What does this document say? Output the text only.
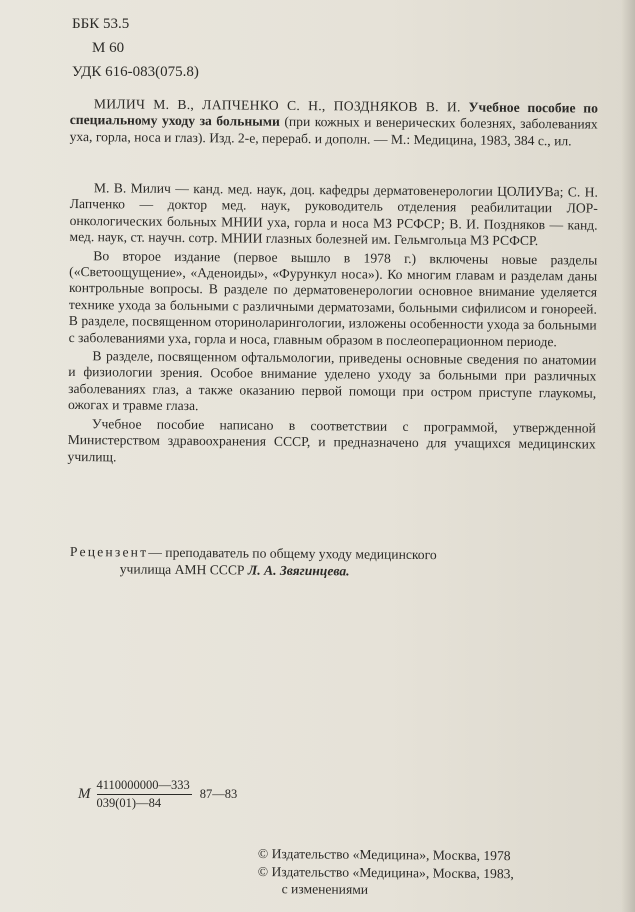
ББК 53.5
М 60
УДК 616-083(075.8)

МИЛИЧ М. В., ЛАПЧЕНКО С. Н., ПОЗДНЯКОВ В. И. Учебное пособие по специальному уходу за больными (при кожных и венерических болезнях, заболеваниях уха, горла, носа и глаз). Изд. 2-е, перераб. и дополн. — М.: Медицина, 1983, 384 с., ил.

М. В. Милич — канд. мед. наук, доц. кафедры дерматовенерологии ЦОЛИУВа; С. Н. Лапченко — доктор мед. наук, руководитель отделения реабилитации ЛОР-онкологических больных МНИИ уха, горла и носа МЗ РСФСР; В. И. Поздняков — канд. мед. наук, ст. научн. сотр. МНИИ глазных болезней им. Гельмгольца МЗ РСФСР.

Во второе издание (первое вышло в 1978 г.) включены новые разделы («Светоощущение», «Аденоиды», «Фурункул носа»). Ко многим главам и разделам даны контрольные вопросы. В разделе по дерматовенерологии основное внимание уделяется технике ухода за больными с различными дерматозами, больными сифилисом и гонореей. В разделе, посвященном оториноларингологии, изложены особенности ухода за больными с заболеваниями уха, горла и носа, главным образом в послеоперационном периоде.

В разделе, посвященном офтальмологии, приведены основные сведения по анатомии и физиологии зрения. Особое внимание уделено уходу за больными при различных заболеваниях глаз, а также оказанию первой помощи при остром приступе глаукомы, ожогах и травме глаза.

Учебное пособие написано в соответствии с программой, утвержденной Министерством здравоохранения СССР, и предназначено для учащихся медицинских училищ.

Рецензент— преподаватель по общему уходу медицинского

училища АМН СССР Л. А. Звягинцева.

М $\frac{4110000000—333}{039(01)—84}$ 87—83

© Издательство «Медицина», Москва, 1978

© Издательство «Медицина», Москва, 1983,

с изменениями
